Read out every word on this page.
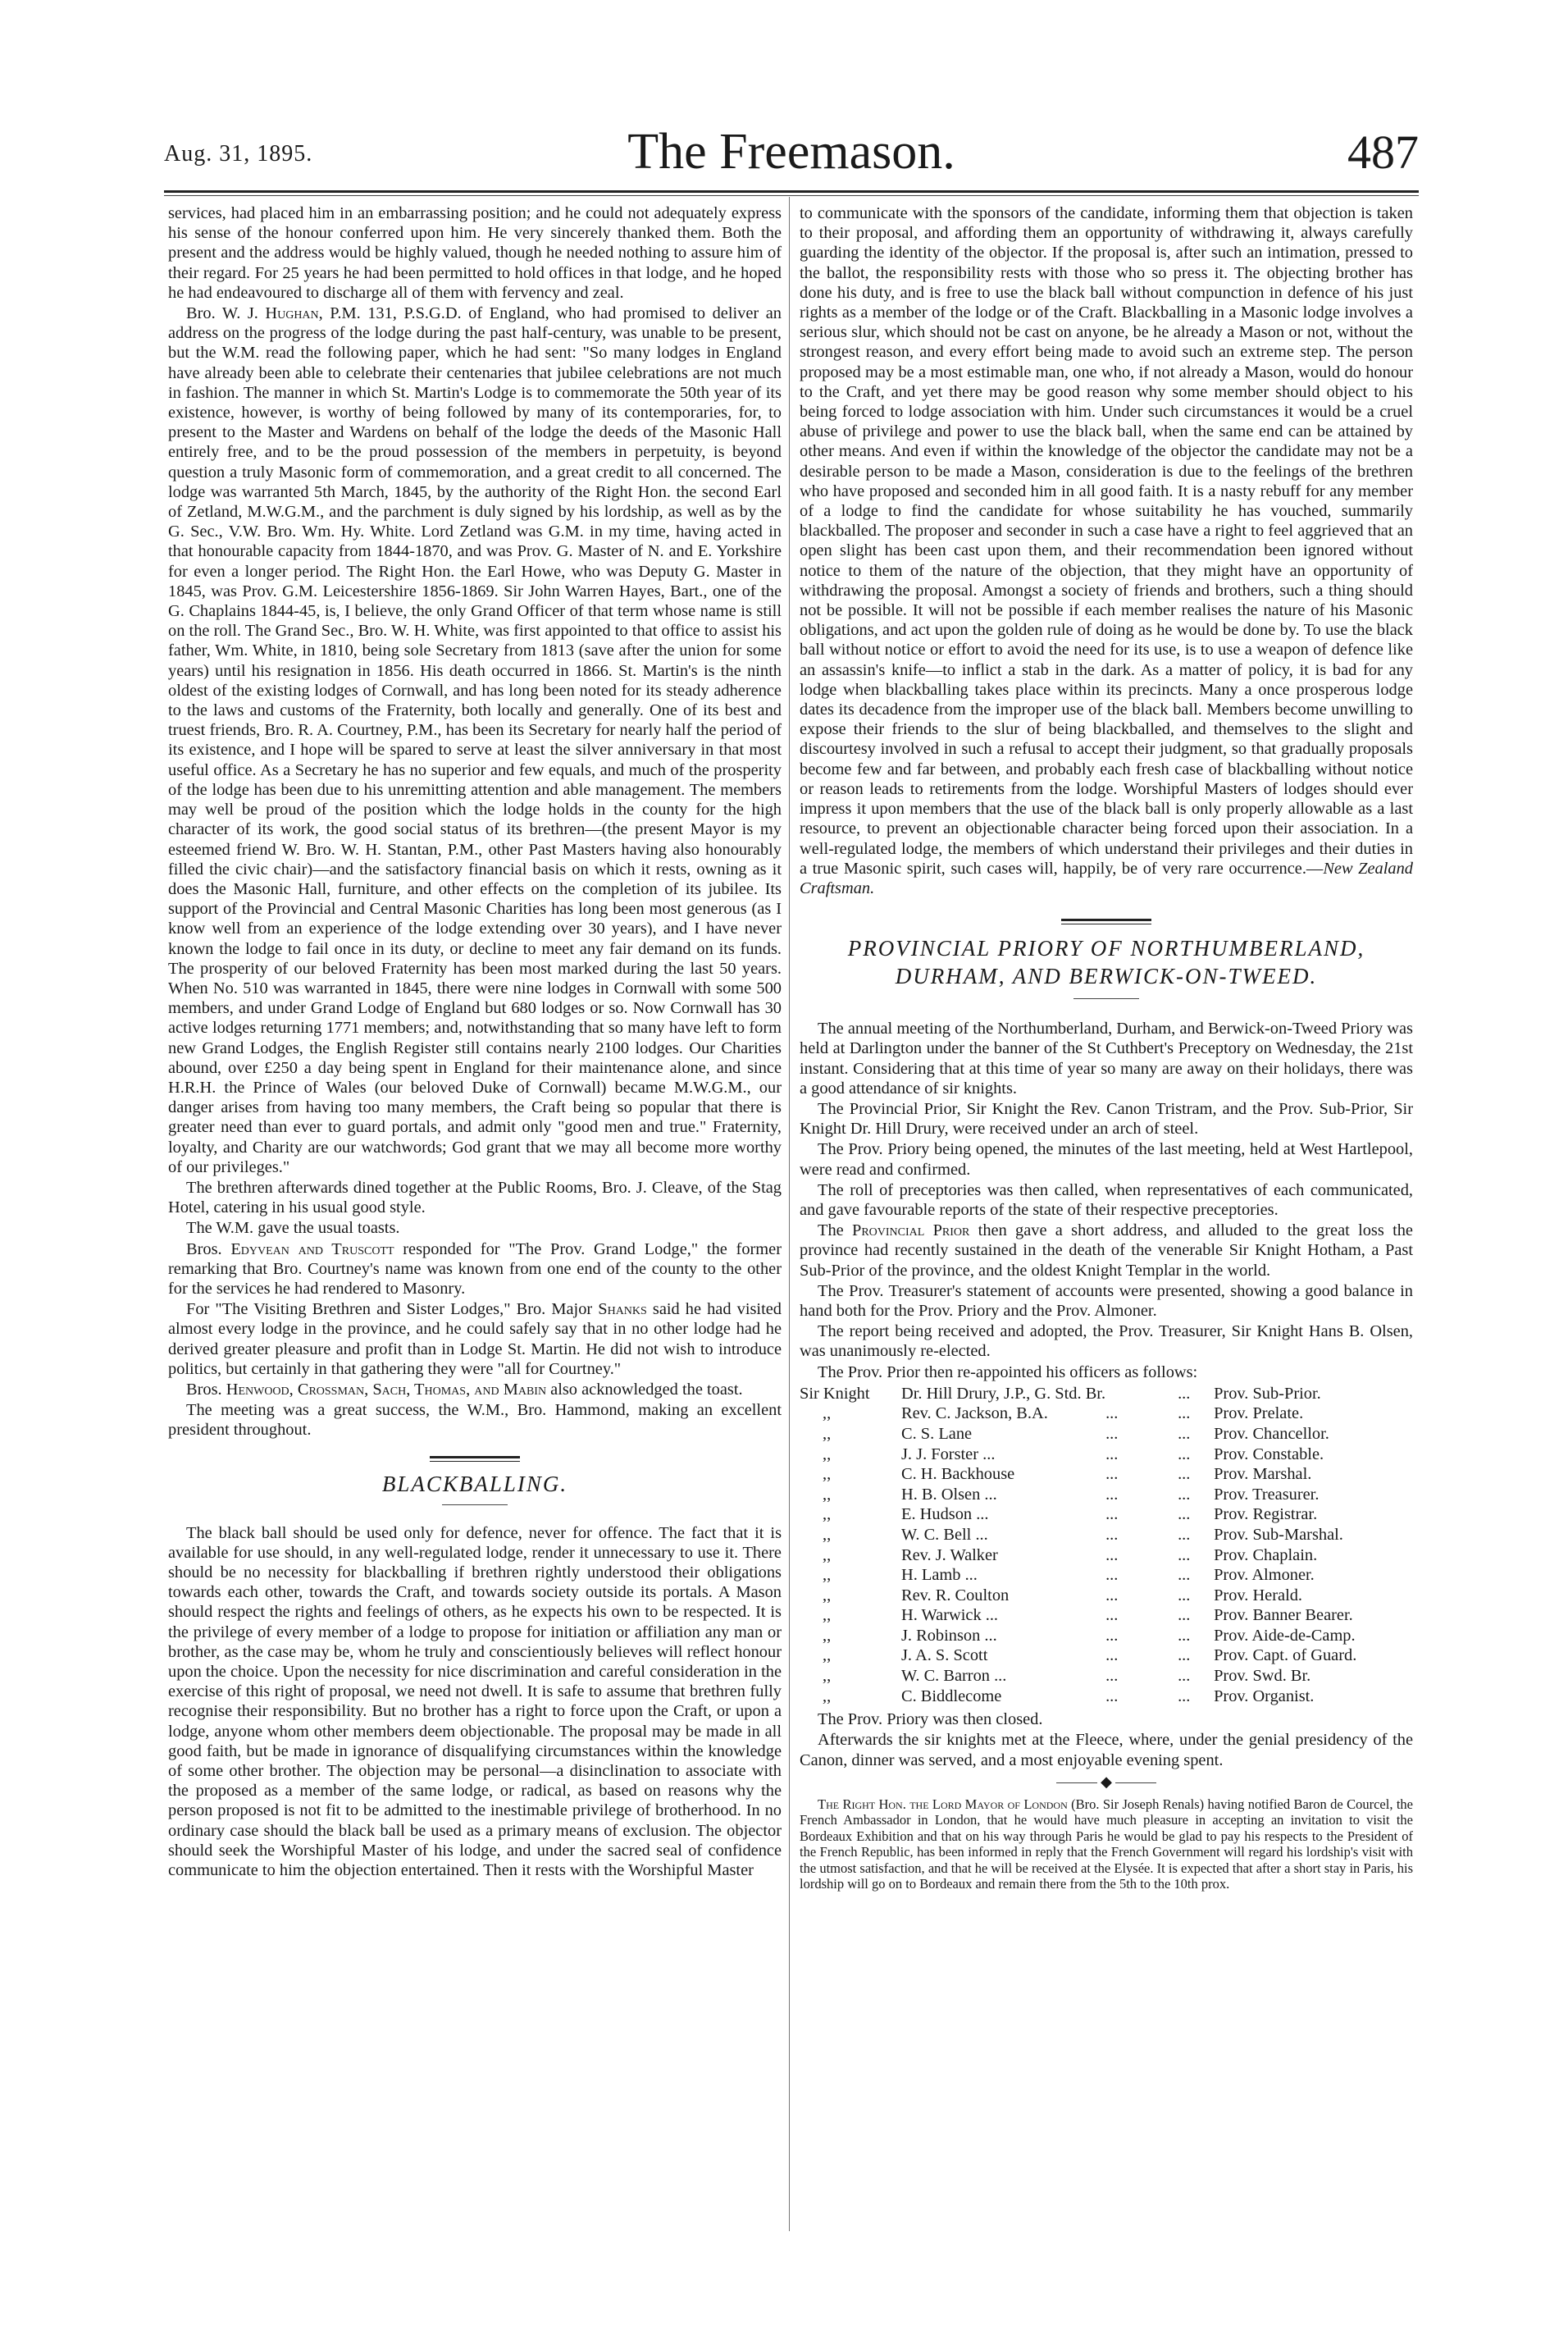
Aug. 31, 1895.	The Freemason.	487

services, had placed him in an embarrassing position; and he could not adequately express his sense of the honour conferred upon him. He very sincerely thanked them. Both the present and the address would be highly valued, though he needed nothing to assure him of their regard. For 25 years he had been permitted to hold offices in that lodge, and he hoped he had endeavoured to discharge all of them with fervency and zeal.

Bro. W. J. Hughan, P.M. 131, P.S.G.D. of England, who had promised to deliver an address on the progress of the lodge during the past half-century, was unable to be present, but the W.M. read the following paper, which he had sent: "So many lodges in England have already been able to celebrate their centenaries that jubilee celebrations are not much in fashion. The manner in which St. Martin's Lodge is to commemorate the 50th year of its existence, however, is worthy of being followed by many of its contemporaries, for, to present to the Master and Wardens on behalf of the lodge the deeds of the Masonic Hall entirely free, and to be the proud possession of the members in perpetuity, is beyond question a truly Masonic form of commemoration, and a great credit to all concerned. The lodge was warranted 5th March, 1845, by the authority of the Right Hon. the second Earl of Zetland, M.W.G.M., and the parchment is duly signed by his lordship, as well as by the G. Sec., V.W. Bro. Wm. Hy. White. Lord Zetland was G.M. in my time, having acted in that honourable capacity from 1844-1870, and was Prov. G. Master of N. and E. Yorkshire for even a longer period. The Right Hon. the Earl Howe, who was Deputy G. Master in 1845, was Prov. G.M. Leicestershire 1856-1869. Sir John Warren Hayes, Bart., one of the G. Chaplains 1844-45, is, I believe, the only Grand Officer of that term whose name is still on the roll. The Grand Sec., Bro. W. H. White, was first appointed to that office to assist his father, Wm. White, in 1810, being sole Secretary from 1813 (save after the union for some years) until his resignation in 1856. His death occurred in 1866. St. Martin's is the ninth oldest of the existing lodges of Cornwall, and has long been noted for its steady adherence to the laws and customs of the Fraternity, both locally and generally. One of its best and truest friends, Bro. R. A. Courtney, P.M., has been its Secretary for nearly half the period of its existence, and I hope will be spared to serve at least the silver anniversary in that most useful office. As a Secretary he has no superior and few equals, and much of the prosperity of the lodge has been due to his unremitting attention and able management. The members may well be proud of the position which the lodge holds in the county for the high character of its work, the good social status of its brethren—(the present Mayor is my esteemed friend W. Bro. W. H. Stantan, P.M., other Past Masters having also honourably filled the civic chair)—and the satisfactory financial basis on which it rests, owning as it does the Masonic Hall, furniture, and other effects on the completion of its jubilee. Its support of the Provincial and Central Masonic Charities has long been most generous (as I know well from an experience of the lodge extending over 30 years), and I have never known the lodge to fail once in its duty, or decline to meet any fair demand on its funds. The prosperity of our beloved Fraternity has been most marked during the last 50 years. When No. 510 was warranted in 1845, there were nine lodges in Cornwall with some 500 members, and under Grand Lodge of England but 680 lodges or so. Now Cornwall has 30 active lodges returning 1771 members; and, notwithstanding that so many have left to form new Grand Lodges, the English Register still contains nearly 2100 lodges. Our Charities abound, over £250 a day being spent in England for their maintenance alone, and since H.R.H. the Prince of Wales (our beloved Duke of Cornwall) became M.W.G.M., our danger arises from having too many members, the Craft being so popular that there is greater need than ever to guard portals, and admit only "good men and true." Fraternity, loyalty, and Charity are our watchwords; God grant that we may all become more worthy of our privileges."

The brethren afterwards dined together at the Public Rooms, Bro. J. Cleave, of the Stag Hotel, catering in his usual good style.

The W.M. gave the usual toasts.

Bros. Edyvean and Truscott responded for "The Prov. Grand Lodge," the former remarking that Bro. Courtney's name was known from one end of the county to the other for the services he had rendered to Masonry.

For "The Visiting Brethren and Sister Lodges," Bro. Major Shanks said he had visited almost every lodge in the province, and he could safely say that in no other lodge had he derived greater pleasure and profit than in Lodge St. Martin. He did not wish to introduce politics, but certainly in that gathering they were "all for Courtney."

Bros. Henwood, Crossman, Sach, Thomas, and Mabin also acknowledged the toast.

The meeting was a great success, the W.M., Bro. Hammond, making an excellent president throughout.

BLACKBALLING.

The black ball should be used only for defence, never for offence. The fact that it is available for use should, in any well-regulated lodge, render it unnecessary to use it. There should be no necessity for blackballing if brethren rightly understood their obligations towards each other, towards the Craft, and towards society outside its portals. A Mason should respect the rights and feelings of others, as he expects his own to be respected. It is the privilege of every member of a lodge to propose for initiation or affiliation any man or brother, as the case may be, whom he truly and conscientiously believes will reflect honour upon the choice. Upon the necessity for nice discrimination and careful consideration in the exercise of this right of proposal, we need not dwell. It is safe to assume that brethren fully recognise their responsibility. But no brother has a right to force upon the Craft, or upon a lodge, anyone whom other members deem objectionable. The proposal may be made in all good faith, but be made in ignorance of disqualifying circumstances within the knowledge of some other brother. The objection may be personal—a disinclination to associate with the proposed as a member of the same lodge, or radical, as based on reasons why the person proposed is not fit to be admitted to the inestimable privilege of brotherhood. In no ordinary case should the black ball be used as a primary means of exclusion. The objector should seek the Worshipful Master of his lodge, and under the sacred seal of confidence communicate to him the objection entertained. Then it rests with the Worshipful Master

to communicate with the sponsors of the candidate, informing them that objection is taken to their proposal, and affording them an opportunity of withdrawing it, always carefully guarding the identity of the objector. If the proposal is, after such an intimation, pressed to the ballot, the responsibility rests with those who so press it. The objecting brother has done his duty, and is free to use the black ball without compunction in defence of his just rights as a member of the lodge or of the Craft. Blackballing in a Masonic lodge involves a serious slur, which should not be cast on anyone, be he already a Mason or not, without the strongest reason, and every effort being made to avoid such an extreme step. The person proposed may be a most estimable man, one who, if not already a Mason, would do honour to the Craft, and yet there may be good reason why some member should object to his being forced to lodge association with him. Under such circumstances it would be a cruel abuse of privilege and power to use the black ball, when the same end can be attained by other means. And even if within the knowledge of the objector the candidate may not be a desirable person to be made a Mason, consideration is due to the feelings of the brethren who have proposed and seconded him in all good faith. It is a nasty rebuff for any member of a lodge to find the candidate for whose suitability he has vouched, summarily blackballed. The proposer and seconder in such a case have a right to feel aggrieved that an open slight has been cast upon them, and their recommendation been ignored without notice to them of the nature of the objection, that they might have an opportunity of withdrawing the proposal. Amongst a society of friends and brothers, such a thing should not be possible. It will not be possible if each member realises the nature of his Masonic obligations, and act upon the golden rule of doing as he would be done by. To use the black ball without notice or effort to avoid the need for its use, is to use a weapon of defence like an assassin's knife—to inflict a stab in the dark. As a matter of policy, it is bad for any lodge when blackballing takes place within its precincts. Many a once prosperous lodge dates its decadence from the improper use of the black ball. Members become unwilling to expose their friends to the slur of being blackballed, and themselves to the slight and discourtesy involved in such a refusal to accept their judgment, so that gradually proposals become few and far between, and probably each fresh case of blackballing without notice or reason leads to retirements from the lodge. Worshipful Masters of lodges should ever impress it upon members that the use of the black ball is only properly allowable as a last resource, to prevent an objectionable character being forced upon their association. In a well-regulated lodge, the members of which understand their privileges and their duties in a true Masonic spirit, such cases will, happily, be of very rare occurrence.—New Zealand Craftsman.

PROVINCIAL PRIORY OF NORTHUMBERLAND,
DURHAM, AND BERWICK-ON-TWEED.

The annual meeting of the Northumberland, Durham, and Berwick-on-Tweed Priory was held at Darlington under the banner of the St Cuthbert's Preceptory on Wednesday, the 21st instant. Considering that at this time of year so many are away on their holidays, there was a good attendance of sir knights.

The Provincial Prior, Sir Knight the Rev. Canon Tristram, and the Prov. Sub-Prior, Sir Knight Dr. Hill Drury, were received under an arch of steel.

The Prov. Priory being opened, the minutes of the last meeting, held at West Hartlepool, were read and confirmed.

The roll of preceptories was then called, when representatives of each communicated, and gave favourable reports of the state of their respective preceptories.

The Provincial Prior then gave a short address, and alluded to the great loss the province had recently sustained in the death of the venerable Sir Knight Hotham, a Past Sub-Prior of the province, and the oldest Knight Templar in the world.

The Prov. Treasurer's statement of accounts were presented, showing a good balance in hand both for the Prov. Priory and the Prov. Almoner.

The report being received and adopted, the Prov. Treasurer, Sir Knight Hans B. Olsen, was unanimously re-elected.

The Prov. Prior then re-appointed his officers as follows:

Sir Knight	Dr. Hill Drury, J.P., G. Std. Br.		...	Prov. Sub-Prior.
,,	Rev. C. Jackson, B.A.	...	...	Prov. Prelate.
,,	C. S. Lane	...	...	Prov. Chancellor.
,,	J. J. Forster ...	...	...	Prov. Constable.
,,	C. H. Backhouse	...	...	Prov. Marshal.
,,	H. B. Olsen ...	...	...	Prov. Treasurer.
,,	E. Hudson ...	...	...	Prov. Registrar.
,,	W. C. Bell ...	...	...	Prov. Sub-Marshal.
,,	Rev. J. Walker	...	...	Prov. Chaplain.
,,	H. Lamb ...	...	...	Prov. Almoner.
,,	Rev. R. Coulton	...	...	Prov. Herald.
,,	H. Warwick ...	...	...	Prov. Banner Bearer.
,,	J. Robinson ...	...	...	Prov. Aide-de-Camp.
,,	J. A. S. Scott	...	...	Prov. Capt. of Guard.
,,	W. C. Barron ...	...	...	Prov. Swd. Br.
,,	C. Biddlecome	...	...	Prov. Organist.

The Prov. Priory was then closed.

Afterwards the sir knights met at the Fleece, where, under the genial presidency of the Canon, dinner was served, and a most enjoyable evening spent.

◆

The Right Hon. the Lord Mayor of London (Bro. Sir Joseph Renals) having notified Baron de Courcel, the French Ambassador in London, that he would have much pleasure in accepting an invitation to visit the Bordeaux Exhibition and that on his way through Paris he would be glad to pay his respects to the President of the French Republic, has been informed in reply that the French Government will regard his lordship's visit with the utmost satisfaction, and that he will be received at the Elysée. It is expected that after a short stay in Paris, his lordship will go on to Bordeaux and remain there from the 5th to the 10th prox.
